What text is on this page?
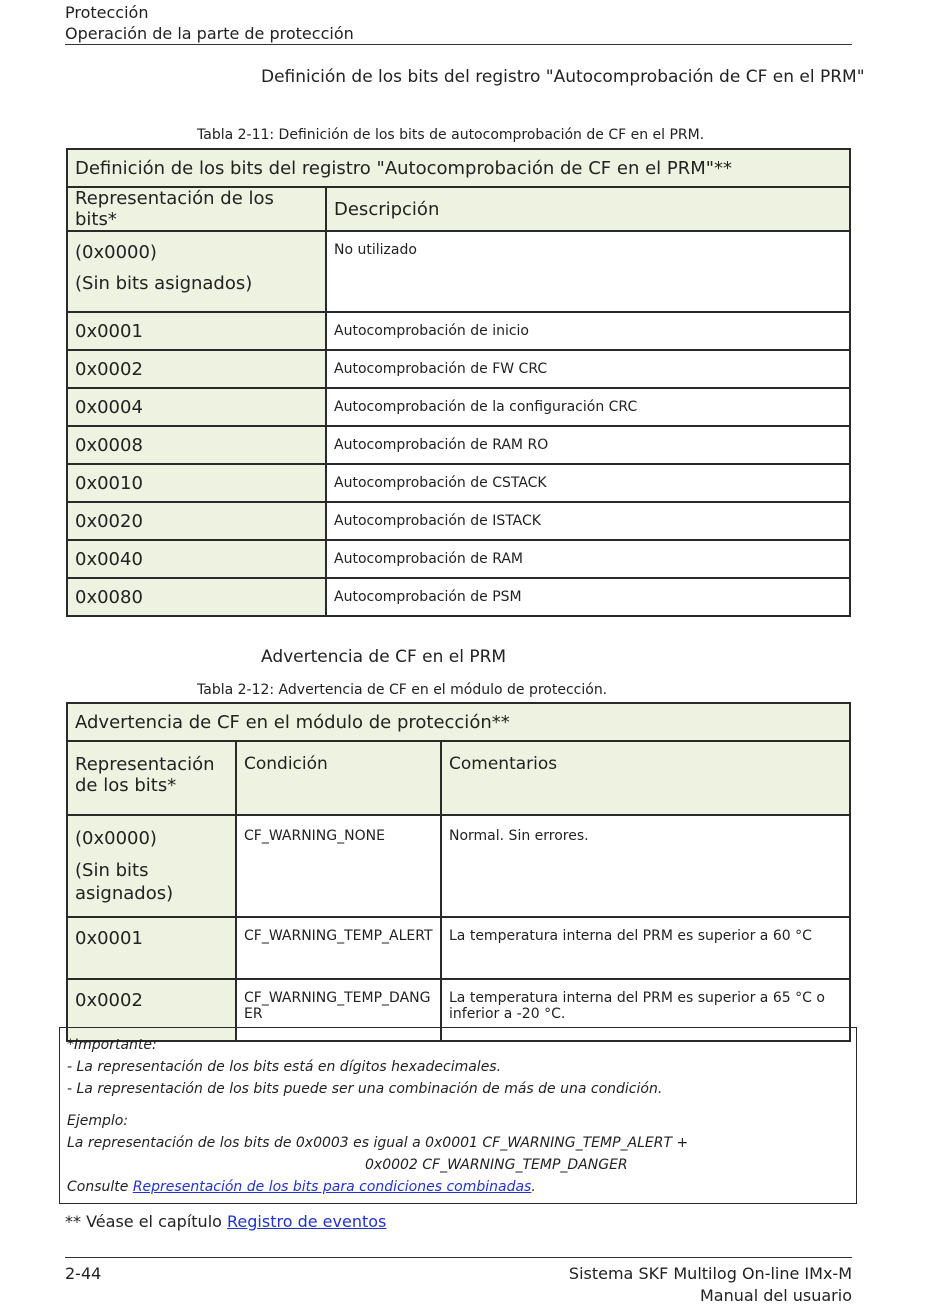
Protección
Operación de la parte de protección
Definición de los bits del registro "Autocomprobación de CF en el PRM"
Tabla 2-11: Definición de los bits de autocomprobación de CF en el PRM.
Definición de los bits del registro "Autocomprobación de CF en el PRM"**	
Representación de los bits*	Descripción

(0x0000)
(Sin bits asignados)	No utilizado
0x0001	Autocomprobación de inicio
0x0002	Autocomprobación de FW CRC
0x0004	Autocomprobación de la configuración CRC
0x0008	Autocomprobación de RAM RO
0x0010	Autocomprobación de CSTACK
0x0020	Autocomprobación de ISTACK
0x0040	Autocomprobación de RAM
0x0080	Autocomprobación de PSM
Advertencia de CF en el PRM
Tabla 2-12: Advertencia de CF en el módulo de protección.
Advertencia de CF en el módulo de protección**		
Representación de los bits*	Condición	Comentarios

(0x0000)
(Sin bits asignados)	CF_WARNING_NONE	Normal. Sin errores.
0x0001	CF_WARNING_TEMP_ALERT	La temperatura interna del PRM es superior a 60 °C
0x0002	CF_WARNING_TEMP_DANGER	La temperatura interna del PRM es superior a 65 °C o inferior a -20 °C.
*Importante:
- La representación de los bits está en dígitos hexadecimales.
- La representación de los bits puede ser una combinación de más de una condición.
Ejemplo:
La representación de los bits de 0x0003 es igual a 0x0001 CF_WARNING_TEMP_ALERT +
0x0002 CF_WARNING_TEMP_DANGER
Consulte Representación de los bits para condiciones combinadas.
** Véase el capítulo Registro de eventos
2-44	Sistema SKF Multilog On-line IMx-M
Manual del usuario
